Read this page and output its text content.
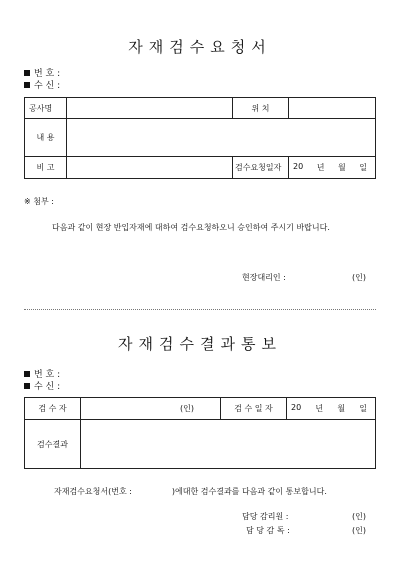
자재검수요청서
번 호 :
수 신 :
공사명		위 치	
내 용			
비 고		검수요청일자	20 년 월 일
※ 첨부 :
다음과 같이 현장 반입자재에 대하여 검수요청하오니 승인하여 주시기 바랍니다.
현장대리인 :	(인)
자재검수결과통보
번 호 :
수 신 :
검 수 자	(인)	검 수 일 자	20 년 월 일

검수결과			
자재검수요청서(번호 :	)에대한 검수결과를 다음과 같이 통보합니다.
담당 감리원 :	(인)
담 당 감 독 :	(인)
